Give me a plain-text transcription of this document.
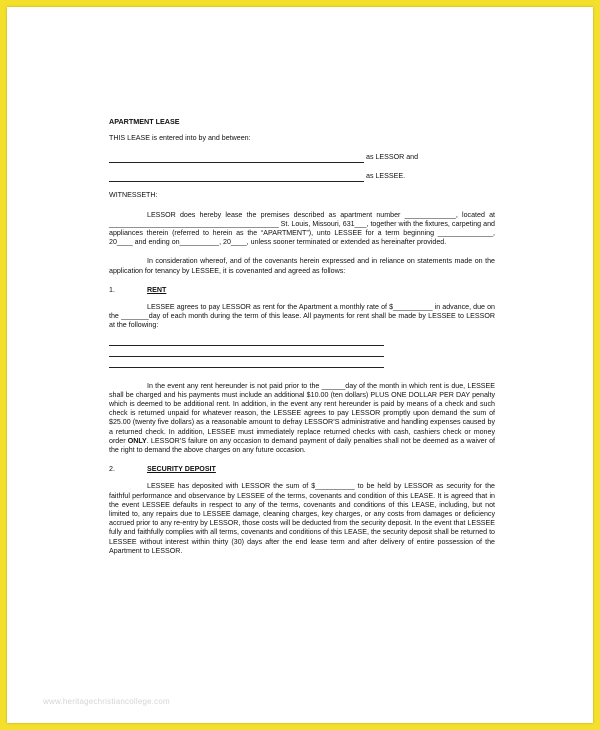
APARTMENT LEASE
THIS LEASE is entered into by and between:
as LESSOR and
as LESSEE.
WITNESSETH:
LESSOR does hereby lease the premises described as apartment number _____________, located at ___________________________________________ St. Louis, Missouri, 631___, together with the fixtures, carpeting and appliances therein (referred to herein as the “APARTMENT”), unto LESSEE for a term beginning ______________, 20____ and ending on__________, 20____, unless sooner terminated or extended as hereinafter provided.
In consideration whereof, and of the covenants herein expressed and in reliance on statements made on the application for tenancy by LESSEE, it is covenanted and agreed as follows:
1.	RENT
LESSEE agrees to pay LESSOR as rent for the Apartment a monthly rate of $__________ in advance, due on the _______day of each month during the term of this lease. All payments for rent shall be made by LESSEE to LESSOR at the following:
In the event any rent hereunder is not paid prior to the ______day of the month in which rent is due, LESSEE shall be charged and his payments must include an additional $10.00 (ten dollars) PLUS ONE DOLLAR PER DAY penalty which is deemed to be additional rent. In addition, in the event any rent hereunder is paid by means of a check and such check is returned unpaid for whatever reason, the LESSEE agrees to pay LESSOR promptly upon demand the sum of $25.00 (twenty five dollars) as a reasonable amount to defray LESSOR’S administrative and handling expenses caused by a returned check. In addition, LESSEE must immediately replace returned checks with cash, cashiers check or money order ONLY. LESSOR’S failure on any occasion to demand payment of daily penalties shall not be deemed as a waiver of the right to demand the above charges on any future occasion.
2.	SECURITY DEPOSIT
LESSEE has deposited with LESSOR the sum of $__________ to be held by LESSOR as security for the faithful performance and observance by LESSEE of the terms, covenants and condition of this LEASE. It is agreed that in the event LESSEE defaults in respect to any of the terms, covenants and conditions of this LEASE, including, but not limited to, any repairs due to LESSEE damage, cleaning charges, key charges, or any costs from damages or deficiency accrued prior to any re-entry by LESSOR, those costs will be deducted from the security deposit. In the event that LESSEE fully and faithfully complies with all terms, covenants and conditions of this LEASE, the security deposit shall be returned to LESSEE without interest within thirty (30) days after the end lease term and after delivery of entire possession of the Apartment to LESSOR.
www.heritagechristiancollege.com
